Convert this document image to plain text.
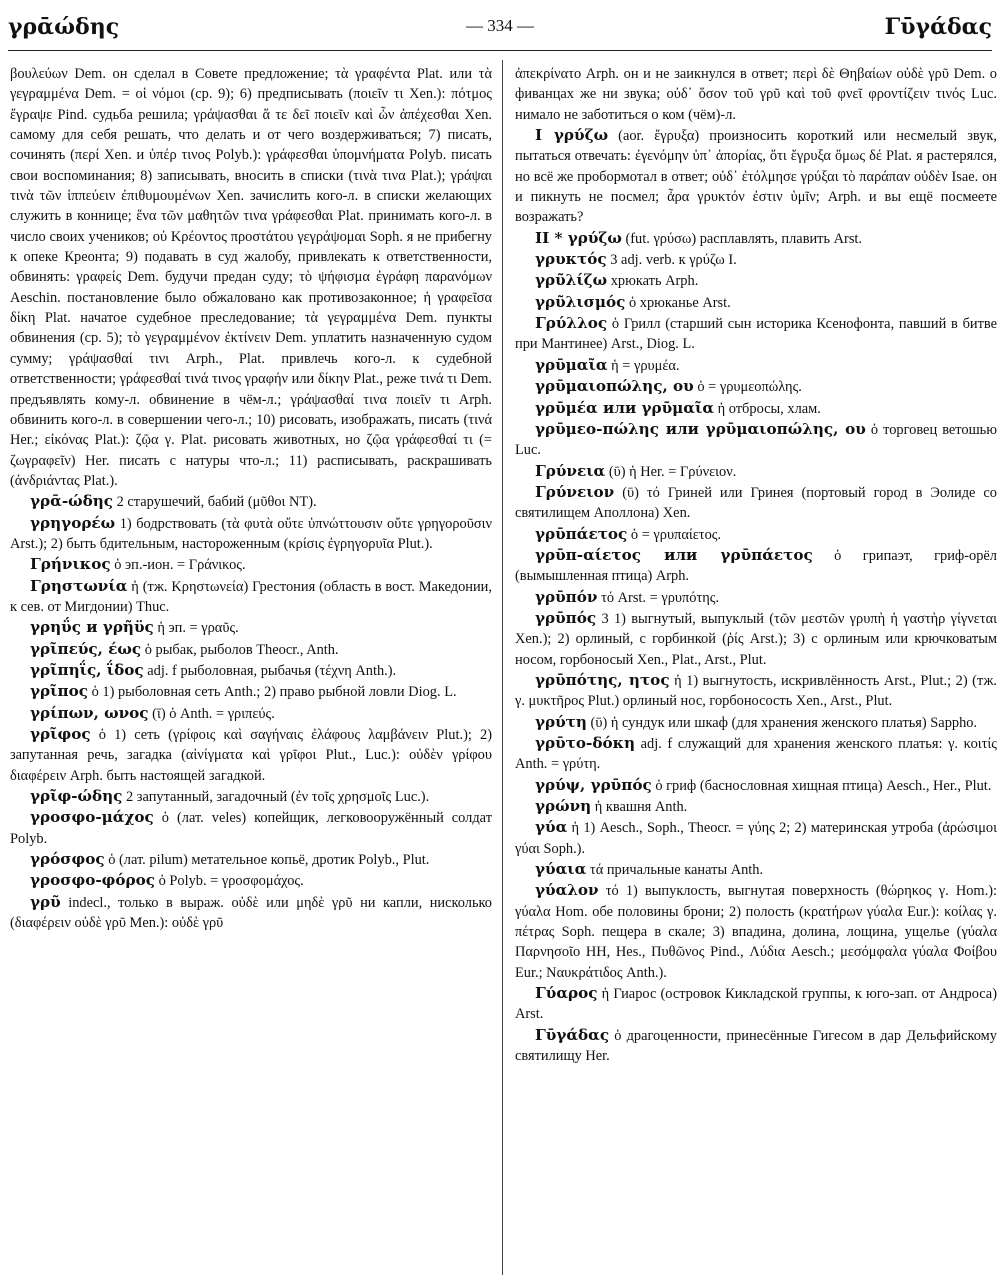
γρᾱώδης	— 334 —	Γῡγάδας

βουλεύων Dem. он сделал в Совете предложение; τὰ γραφέντα Plat. или τὰ γεγραμμένα Dem. = οἱ νόμοι (ср. 9); 6) предписывать (ποιεῖν τι Xen.): πότμος ἔγραψε Pind. судьба решила; γράψασθαι ἅ τε δεῖ ποιεῖν καὶ ὧν ἀπέχεσθαι Xen. самому для себя решать, что делать и от чего воздерживаться; 7) писать, сочинять (περί Xen. и ὑπέρ τινος Polyb.): γράφεσθαι ὑπομνήματα Polyb. писать свои воспоминания; 8) записывать, вносить в списки (τινὰ τινα Plat.); γράψαι τινὰ τῶν ἱππεύειν ἐπιθυμουμένων Xen. зачислить кого-л. в списки желающих служить в коннице; ἕνα τῶν μαθητῶν τινα γράφεσθαι Plat. принимать кого-л. в число своих учеников; οὐ Κρέοντος προστάτου γεγράψομαι Soph. я не прибегну к опеке Креонта; 9) подавать в суд жалобу, привлекать к ответственности, обвинять: γραφείς Dem. будучи предан суду; τὸ ψήφισμα ἐγράφη παρανόμων Aeschin. постановление было обжаловано как противозаконное; ἡ γραφεῖσα δίκη Plat. начатое судебное преследование; τὰ γεγραμμένα Dem. пункты обвинения (ср. 5); τὸ γεγραμμένον ἐκτίνειν Dem. уплатить назначенную судом сумму; γράψασθαί τινι Arph., Plat. привлечь кого-л. к судебной ответственности; γράφεσθαί τινά τινος γραφήν или δίκην Plat., реже τινά τι Dem. предъявлять кому-л. обвинение в чём-л.; γράψασθαί τινα ποιεῖν τι Arph. обвинить кого-л. в совершении чего-л.; 10) рисовать, изображать, писать (τινά Her.; εἰκόνας Plat.): ζῷα γ. Plat. рисовать животных, но ζῷα γράφεσθαί τι (= ζωγραφεῖν) Her. писать с натуры что-л.; 11) расписывать, раскрашивать (ἀνδριάντας Plat.).

γρᾱ-ώδης 2 старушечий, бабий (μῦθοι NT).

γρηγορέω 1) бодрствовать (τὰ φυτὰ οὔτε ὑπνώττουσιν οὔτε γρηγοροῦσιν Arst.); 2) быть бдительным, настороженным (κρίσις ἐγρηγορυῖα Plut.).

Γρήνικος ὁ эп.-ион. = Γράνικος.

Γρηστωνία ἡ (тж. Κρηστωνεία) Грестония (область в вост. Македонии, к сев. от Мигдонии) Thuc.

γρηΰς и γρῆϋς ἡ эп. = γραῦς.

γρῖπεύς, έως ὁ рыбак, рыболов Theocr., Anth.

γρῖπηΐς, ΐδος adj. f рыболовная, рыбачья (τέχνη Anth.).

γρῖπος ὁ 1) рыболовная сеть Anth.; 2) право рыбной ловли Diog. L.

γρίπων, ωνος (ῑ) ὁ Anth. = γριπεύς.

γρῖφος ὁ 1) сеть (γρίφοις καὶ σαγήναις ἐλάφους λαμβάνειν Plut.); 2) запутанная речь, загадка (αἰνίγματα καὶ γρῖφοι Plut., Luc.): οὐδὲν γρίφου διαφέρειν Arph. быть настоящей загадкой.

γρῖφ-ώδης 2 запутанный, загадочный (ἐν τοῖς χρησμοῖς Luc.).

γροσφο-μάχος ὁ (лат. veles) копейщик, легковооружённый солдат Polyb.

γρόσφος ὁ (лат. pilum) метательное копьё, дротик Polyb., Plut.

γροσφο-φόρος ὁ Polyb. = γροσφομάχος.

γρῦ indecl., только в выраж. οὐδὲ или μηδὲ γρῦ ни капли, нисколько (διαφέρειν οὐδὲ γρῦ Men.): οὐδὲ γρῦ

ἀπεκρίνατο Arph. он и не заикнулся в ответ; περὶ δὲ Θηβαίων οὐδὲ γρῦ Dem. о фиванцах же ни звука; οὐδ᾽ ὅσον τοῦ γρῦ καὶ τοῦ φνεῖ φροντίζειν τινός Luc. нимало не заботиться о ком (чём)-л.

I γρύζω (aor. ἔγρυξα) произносить короткий или несмелый звук, пытаться отвечать: ἐγενόμην ὑπ᾽ ἀπορίας, ὅτι ἔγρυξα ὅμως δέ Plat. я растерялся, но всё же пробормотал в ответ; οὐδ᾽ ἐτόλμησε γρύξαι τὸ παράπαν οὐδὲν Isae. он и пикнуть не посмел; ἆρα γρυκτόν ἐστιν ὑμῖν; Arph. и вы ещё посмеете возражать?

II * γρύζω (fut. γρύσω) расплавлять, плавить Arst.

γρυκτός 3 adj. verb. к γρύζω I.

γρῦλίζω хрюкать Arph.

γρῦλισμός ὁ хрюканье Arst.

Γρύλλος ὁ Грилл (старший сын историка Ксенофонта, павший в битве при Мантинее) Arst., Diog. L.

γρῡμαῖα ἡ = γρυμέα.

γρῡμαιοπώλης, ου ὁ = γρυμεοπώλης.

γρῡμέα или γρῡμαῖα ἡ отбросы, хлам.

γρῡμεο-πώλης или γρῡμαιοπώλης, ου ὁ торговец ветошью Luc.

Γρύνεια (ῡ) ἡ Her. = Γρύνειον.

Γρύνειον (ῡ) τό Гриней или Гринея (портовый город в Эолиде со святилищем Аполлона) Xen.

γρῡπάετος ὁ = γρυπαίετος.

γρῡπ-αίετος или γρῡπάετος ὁ грипаэт, гриф-орёл (вымышленная птица) Arph.

γρῡπόν τό Arst. = γρυπότης.

γρῡπός 3 1) выгнутый, выпуклый (τῶν μεστῶν γρυπὴ ἡ γαστὴρ γίγνεται Xen.); 2) орлиный, с горбинкой (ῥίς Arst.); 3) с орлиным или крючковатым носом, горбоносый Xen., Plat., Arst., Plut.

γρῡπότης, ητος ἡ 1) выгнутость, искривлённость Arst., Plut.; 2) (тж. γ. μυκτῆρος Plut.) орлиный нос, горбоносость Xen., Arst., Plut.

γρύτη (ῡ) ἡ сундук или шкаф (для хранения женского платья) Sappho.

γρῡτο-δόκη adj. f служащий для хранения женского платья: γ. κοιτίς Anth. = γρύτη.

γρύψ, γρῡπός ὁ гриф (баснословная хищная птица) Aesch., Her., Plut.

γρώνη ἡ квашня Anth.

γύα ἡ 1) Aesch., Soph., Theocr. = γύης 2; 2) материнская утроба (ἀρώσιμοι γύαι Soph.).

γύαια τά причальные канаты Anth.

γύαλον τό 1) выпуклость, выгнутая поверхность (θώρηκος γ. Hom.): γύαλα Hom. обе половины брони; 2) полость (κρατήρων γύαλα Eur.): κοίλας γ. πέτρας Soph. пещера в скале; 3) впадина, долина, лощина, ущелье (γύαλα Παρνησοῖο HH, Hes., Πυθῶνος Pind., Λύδια Aesch.; μεσόμφαλα γύαλα Φοίβου Eur.; Ναυκράτιδος Anth.).

Γύαρος ἡ Гиарос (островок Кикладской группы, к юго-зап. от Андроса) Arst.

Γῡγάδας ὁ драгоценности, принесённые Гигесом в дар Дельфийскому святилищу Her.
